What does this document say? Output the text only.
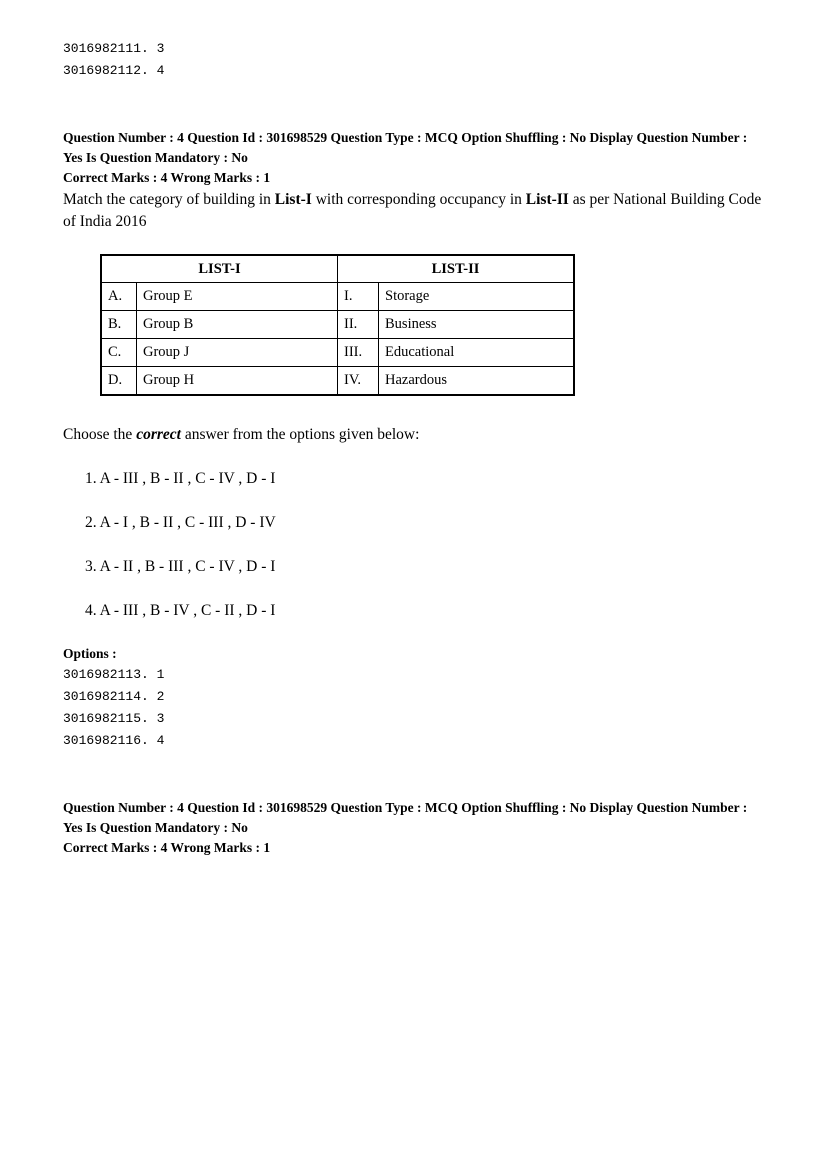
3016982111. 3
3016982112. 4

Question Number : 4 Question Id : 301698529 Question Type : MCQ Option Shuffling : No Display Question Number : Yes Is Question Mandatory : No

Correct Marks : 4 Wrong Marks : 1

Match the category of building in List-I with corresponding occupancy in List-II as per National Building Code of India 2016

LIST-I		LIST-II	
A.	Group E	I.	Storage
B.	Group B	II.	Business
C.	Group J	III.	Educational
D.	Group H	IV.	Hazardous

Choose the correct answer from the options given below:

1. A - III , B - II , C - IV , D - I
2. A - I , B - II , C - III , D - IV
3. A - II , B - III , C - IV , D - I
4. A - III , B - IV , C - II , D - I

Options :

3016982113. 1
3016982114. 2
3016982115. 3
3016982116. 4

Question Number : 4 Question Id : 301698529 Question Type : MCQ Option Shuffling : No Display Question Number : Yes Is Question Mandatory : No

Correct Marks : 4 Wrong Marks : 1
